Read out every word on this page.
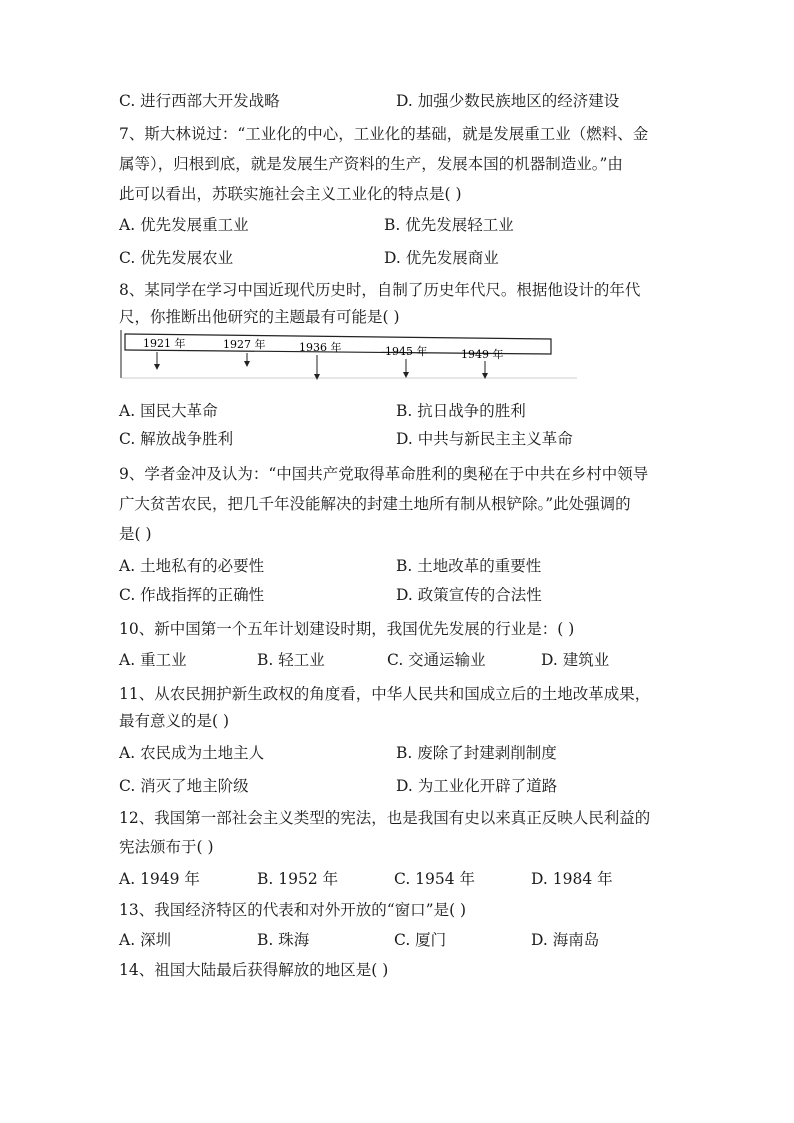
C. 进行西部大开发战略	D. 加强少数民族地区的经济建设
7、斯大林说过：“工业化的中心，工业化的基础，就是发展重工业（燃料、金
属等），归根到底，就是发展生产资料的生产，发展本国的机器制造业。”由
此可以看出，苏联实施社会主义工业化的特点是( )
A. 优先发展重工业	B. 优先发展轻工业
C. 优先发展农业	D. 优先发展商业
8、某同学在学习中国近现代历史时，自制了历史年代尺。根据他设计的年代
尺，你推断出他研究的主题最有可能是( )
1921 年	1927 年	1936 年	1945 年	1949 年
A. 国民大革命	B. 抗日战争的胜利
C. 解放战争胜利	D. 中共与新民主主义革命
9、学者金冲及认为：“中国共产党取得革命胜利的奥秘在于中共在乡村中领导
广大贫苦农民，把几千年没能解决的封建土地所有制从根铲除。”此处强调的
是( )
A. 土地私有的必要性	B. 土地改革的重要性
C. 作战指挥的正确性	D. 政策宣传的合法性
10、新中国第一个五年计划建设时期，我国优先发展的行业是：( )
A. 重工业	B. 轻工业	C. 交通运输业	D. 建筑业
11、从农民拥护新生政权的角度看，中华人民共和国成立后的土地改革成果，
最有意义的是( )
A. 农民成为土地主人	B. 废除了封建剥削制度
C. 消灭了地主阶级	D. 为工业化开辟了道路
12、我国第一部社会主义类型的宪法，也是我国有史以来真正反映人民利益的
宪法颁布于( )
A. 1949 年	B. 1952 年	C. 1954 年	D. 1984 年
13、我国经济特区的代表和对外开放的“窗口”是( )
A. 深圳	B. 珠海	C. 厦门	D. 海南岛
14、祖国大陆最后获得解放的地区是( )
